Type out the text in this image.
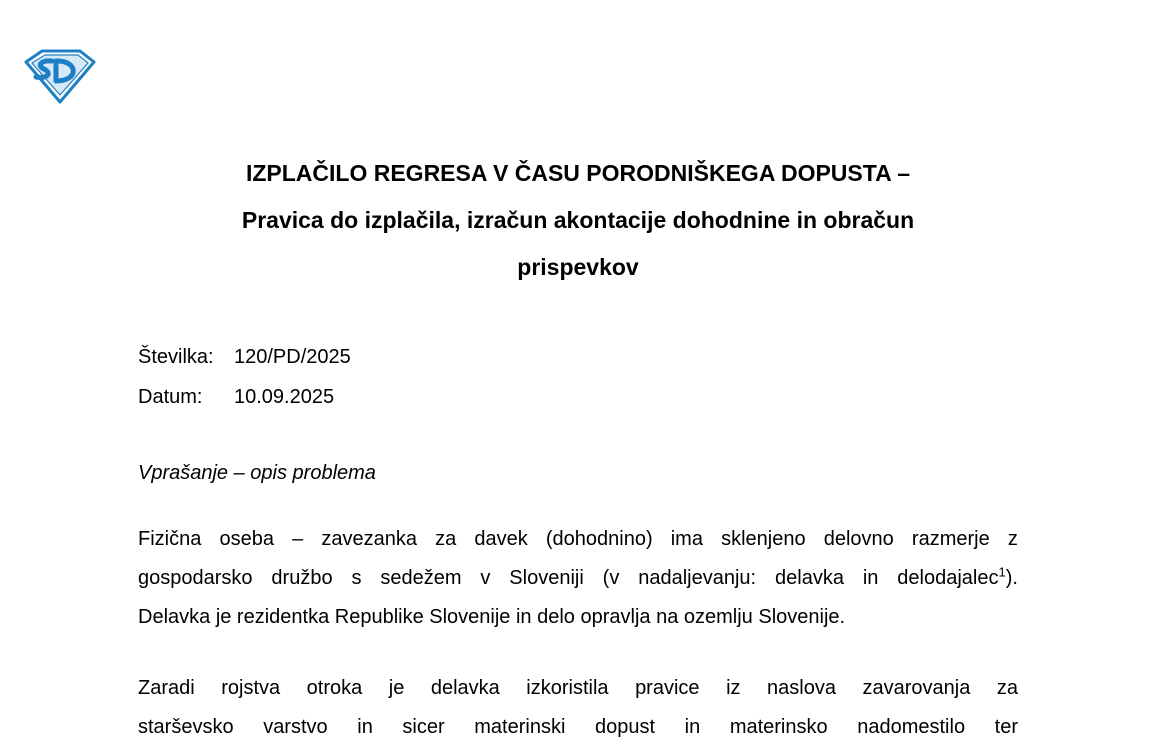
IZPLAČILO REGRESA V ČASU PORODNIŠKEGA DOPUSTA –
Pravica do izplačila, izračun akontacije dohodnine in obračun
prispevkov
Številka:	120/PD/2025
Datum:	10.09.2025
Vprašanje – opis problema
Fizična oseba – zavezanka za davek (dohodnino) ima sklenjeno delovno razmerje z
gospodarsko družbo s sedežem v Sloveniji (v nadaljevanju: delavka in delodajalec$^1$).
Delavka je rezidentka Republike Slovenije in delo opravlja na ozemlju Slovenije.
Zaradi rojstva otroka je delavka izkoristila pravice iz naslova zavarovanja za
starševsko varstvo in sicer materinski dopust in materinsko nadomestilo ter
